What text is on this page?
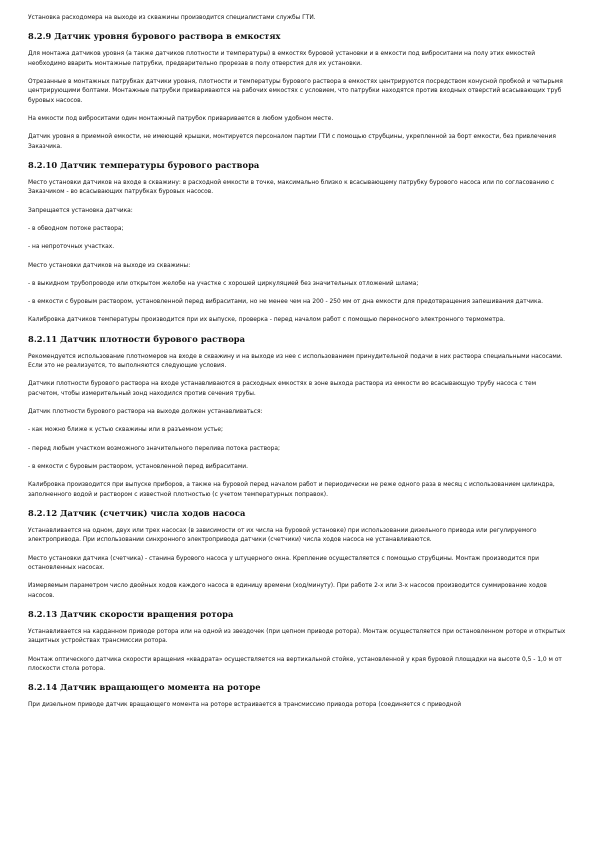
Установка расходомера на выходе из скважины производится специалистами службы ГТИ.

8.2.9 Датчик уровня бурового раствора в емкостях

Для монтажа датчиков уровня (а также датчиков плотности и температуры) в емкостях буровой установки и в емкости под виброситами на полу этих емкостей необходимо вварить монтажные патрубки, предварительно прорезав в полу отверстия для их установки.

Отрезанные в монтажных патрубках датчики уровня, плотности и температуры бурового раствора в емкостях центрируются посредством конусной пробкой и четырьмя центрирующими болтами. Монтажные патрубки привариваются на рабочих емкостях с условием, что патрубки находятся против входных отверстий всасывающих труб буровых насосов.

На емкости под виброситами один монтажный патрубок приваривается в любом удобном месте.

Датчик уровня в приемной емкости, не имеющей крышки, монтируется персоналом партии ГТИ с помощью струбцины, укрепленной за борт емкости, без привлечения Заказчика.

8.2.10 Датчик температуры бурового раствора

Место установки датчиков на входе в скважину: в расходной емкости в точке, максимально близко к всасывающему патрубку бурового насоса или по согласованию с Заказчиком - во всасывающих патрубках буровых насосов.

Запрещается установка датчика:

- в обводном потоке раствора;

- на непроточных участках.

Место установки датчиков на выходе из скважины:

- в выкидном трубопроводе или открытом желобе на участке с хорошей циркуляцией без значительных отложений шлама;

- в емкости с буровым раствором, установленной перед вибраситами, но не менее чем на 200 - 250 мм от дна емкости для предотвращения запешивания датчика.

Калибровка датчиков температуры производится при их выпуске, проверка - перед началом работ с помощью переносного электронного термометра.

8.2.11 Датчик плотности бурового раствора

Рекомендуется использование плотномеров на входе в скважину и на выходе из нее с использованием принудительной подачи в них раствора специальными насосами. Если это не реализуется, то выполняются следующие условия.

Датчики плотности бурового раствора на входе устанавливаются в расходных емкостях в зоне выхода раствора из емкости во всасывающую трубу насоса с тем расчетом, чтобы измерительный зонд находился против сечения трубы.

Датчик плотности бурового раствора на выходе должен устанавливаться:

- как можно ближе к устью скважины или в разъемном устье;

- перед любым участком возможного значительного перелива потока раствора;

- в емкости с буровым раствором, установленной перед вибраситами.

Калибровка производится при выпуске приборов, а также на буровой перед началом работ и периодически не реже одного раза в месяц с использованием цилиндра, заполненного водой и раствором с известной плотностью (с учетом температурных поправок).

8.2.12 Датчик (счетчик) числа ходов насоса

Устанавливается на одном, двух или трех насосах (в зависимости от их числа на буровой установке) при использовании дизельного привода или регулируемого электропривода. При использовании синхронного электропривода датчики (счетчики) числа ходов насоса не устанавливаются.

Место установки датчика (счетчика) - станина бурового насоса у штуцерного окна. Крепление осуществляется с помощью струбцины. Монтаж производится при остановленных насосах.

Измеряемым параметром число двойных ходов каждого насоса в единицу времени (ход/минуту). При работе 2-х или 3-х насосов производится суммирование ходов насосов.

8.2.13 Датчик скорости вращения ротора

Устанавливается на карданном приводе ротора или на одной из звездочек (при цепном приводе ротора). Монтаж осуществляется при остановленном роторе и открытых защитных устройствах трансмиссии ротора.

Монтаж оптического датчика скорости вращения «квадрата» осуществляется на вертикальной стойке, установленной у края буровой площадки на высоте 0,5 - 1,0 м от плоскости стола ротора.

8.2.14 Датчик вращающего момента на роторе

При дизельном приводе датчик вращающего момента на роторе встраивается в трансмиссию привода ротора (соединяется с приводной
